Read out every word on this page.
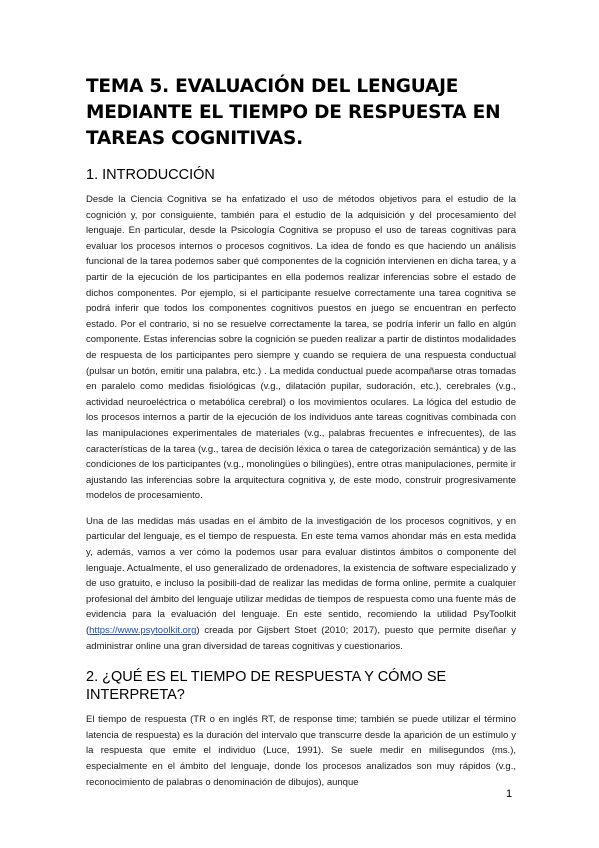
TEMA 5. EVALUACIÓN DEL LENGUAJE MEDIANTE EL TIEMPO DE RESPUESTA EN TAREAS COGNITIVAS.
1. INTRODUCCIÓN

Desde la Ciencia Cognitiva se ha enfatizado el uso de métodos objetivos para el estudio de la cognición y, por consiguiente, también para el estudio de la adquisición y del procesamiento del lenguaje. En particular, desde la Psicología Cognitiva se propuso el uso de tareas cognitivas para evaluar los procesos internos o procesos cognitivos. La idea de fondo es que haciendo un análisis funcional de la tarea podemos saber qué componentes de la cognición intervienen en dicha tarea, y a partir de la ejecución de los participantes en ella podemos realizar inferencias sobre el estado de dichos componentes. Por ejemplo, si el participante resuelve correctamente una tarea cognitiva se podrá inferir que todos los componentes cognitivos puestos en juego se encuentran en perfecto estado. Por el contrario, si no se resuelve correctamente la tarea, se podría inferir un fallo en algún componente. Estas inferencias sobre la cognición se pueden realizar a partir de distintos modalidades de respuesta de los participantes pero siempre y cuando se requiera de una respuesta conductual (pulsar un botón, emitir una palabra, etc.) . La medida conductual puede acompañarse otras tomadas en paralelo como medidas fisiológicas (v.g., dilatación pupilar, sudoración, etc.), cerebrales (v.g., actividad neuroeléctrica o metabólica cerebral) o los movimientos oculares. La lógica del estudio de los procesos internos a partir de la ejecución de los individuos ante tareas cognitivas combinada con las manipulaciones experimentales de materiales (v.g., palabras frecuentes e infrecuentes), de las características de la tarea (v.g., tarea de decisión léxica o tarea de categorización semántica) y de las condiciones de los participantes (v.g., monolingües o bilingües), entre otras manipulaciones, permite ir ajustando las inferencias sobre la arquitectura cognitiva y, de este modo, construir progresivamente modelos de procesamiento.

Una de las medidas más usadas en el ámbito de la investigación de los procesos cognitivos, y en particular del lenguaje, es el tiempo de respuesta. En este tema vamos ahondar más en esta medida y, además, vamos a ver cómo la podemos usar para evaluar distintos ámbitos o componente del lenguaje. Actualmente, el uso generalizado de ordenadores, la existencia de software especializado y de uso gratuito, e incluso la posibili-dad de realizar las medidas de forma online, permite a cualquier profesional del ámbito del lenguaje utilizar medidas de tiempos de respuesta como una fuente más de evidencia para la evaluación del lenguaje. En este sentido, recomiendo la utilidad PsyToolkit (https://www.psytoolkit.org) creada por Gijsbert Stoet (2010; 2017), puesto que permite diseñar y administrar online una gran diversidad de tareas cognitivas y cuestionarios.

2. ¿QUÉ ES EL TIEMPO DE RESPUESTA Y CÓMO SE INTERPRETA?

El tiempo de respuesta (TR o en inglés RT, de response time; también se puede utilizar el término latencia de respuesta) es la duración del intervalo que transcurre desde la aparición de un estímulo y la respuesta que emite el individuo (Luce, 1991). Se suele medir en milisegundos (ms.), especialmente en el ámbito del lenguaje, donde los procesos analizados son muy rápidos (v.g., reconocimiento de palabras o denominación de dibujos), aunque

1
